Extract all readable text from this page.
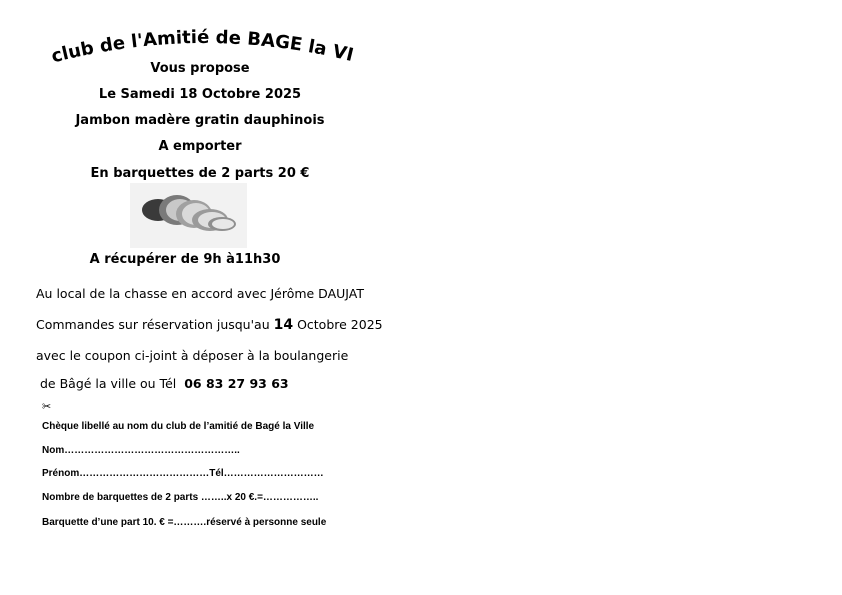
Le club de l'Amitié de BAGE la VILLE
Vous propose
Le Samedi 18 Octobre 2025
Jambon madère gratin dauphinois
A emporter
En barquettes de 2 parts 20 €
A récupérer de 9h à11h30
Au local de la chasse en accord avec Jérôme DAUJAT
Commandes sur réservation jusqu'au 14 Octobre 2025
avec le coupon ci-joint à déposer à la boulangerie
de Bâgé la ville ou Tél 06 83 27 93 63
✂………………………………………………………………………………………………………………
Chèque libellé au nom du club de l’amitié de Bagé la Ville
Nom……………………………………………..
Prénom…………………………………Tél…………………………
Nombre de barquettes de 2 parts ……..x 20 €.=……………..
Barquette d’une part 10. € =……….réservé à personne seule
